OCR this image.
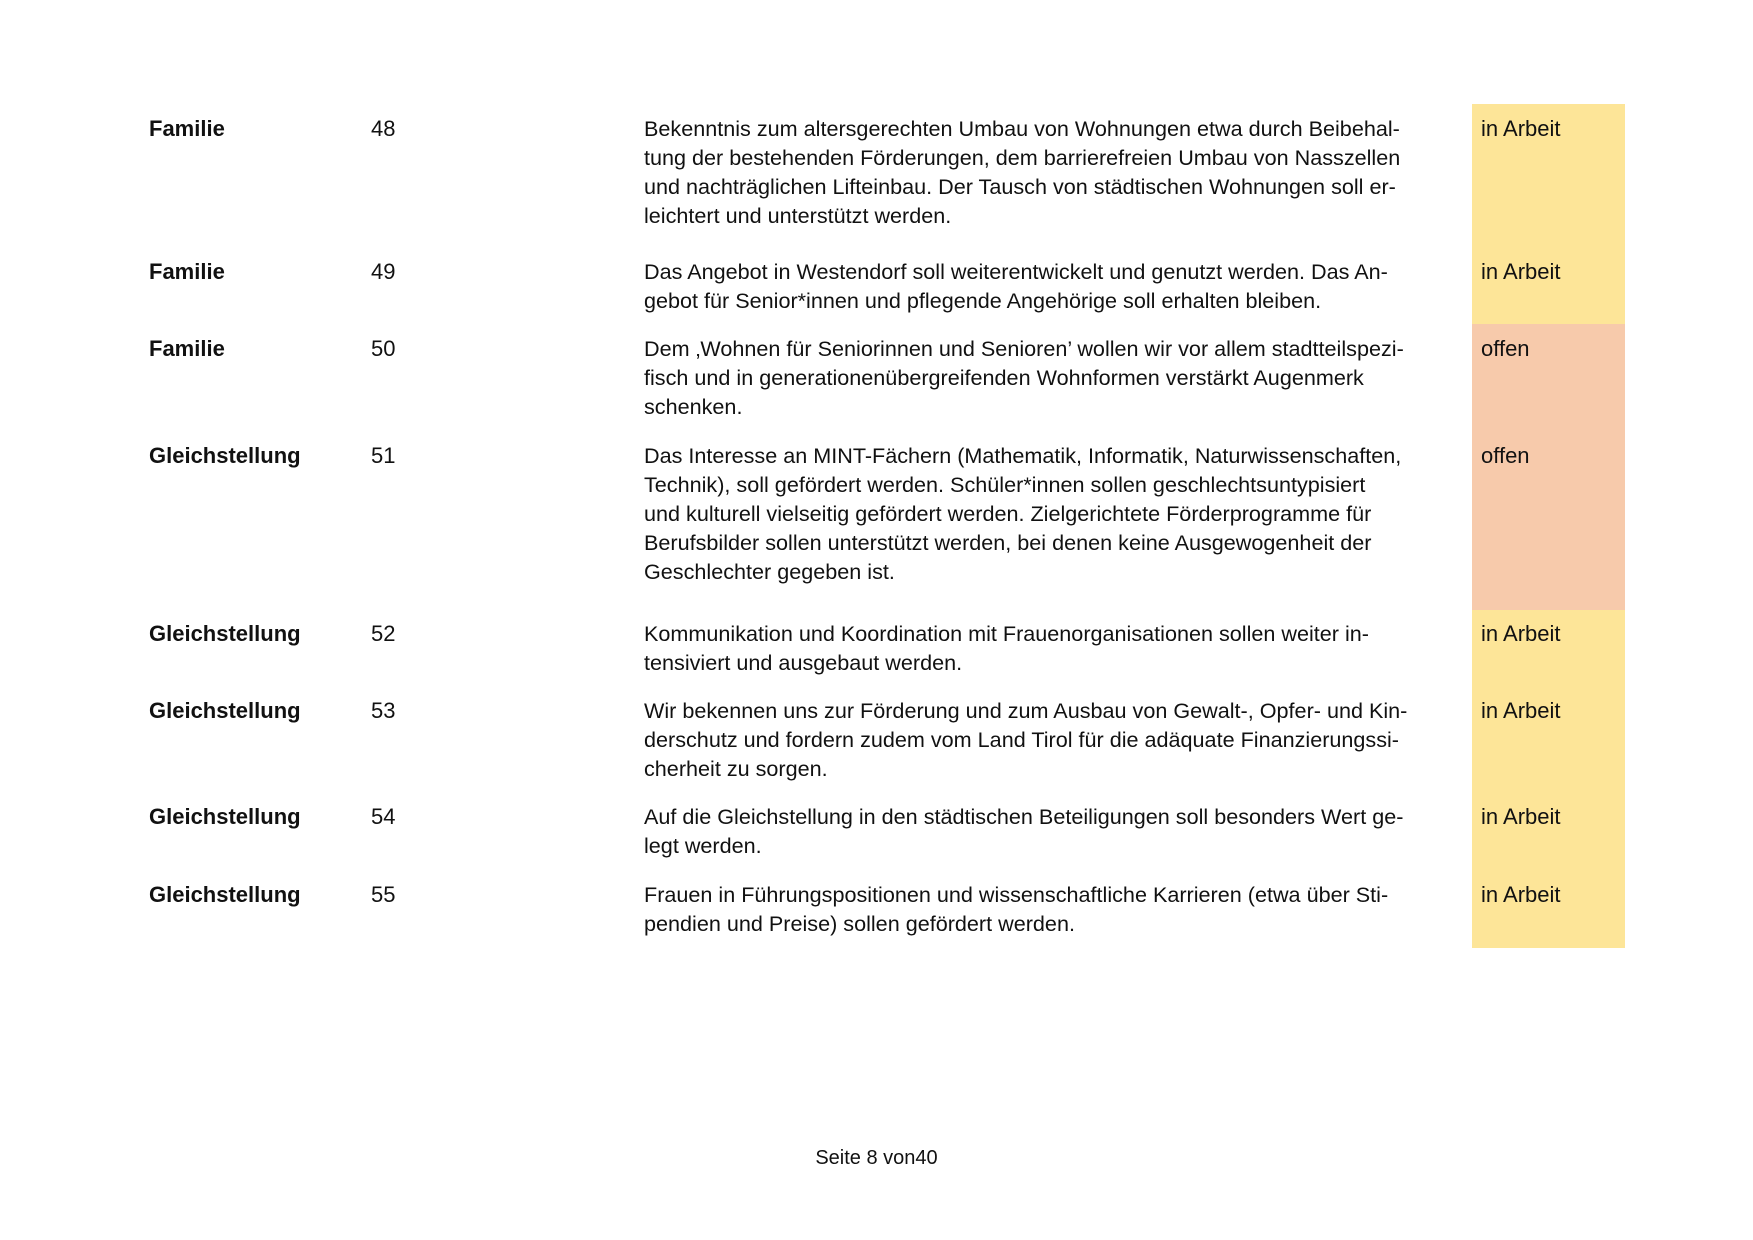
Familie	48	Bekenntnis zum altersgerechten Umbau von Wohnungen etwa durch Beibehal-
tung der bestehenden Förderungen, dem barrierefreien Umbau von Nasszellen
und nachträglichen Lifteinbau. Der Tausch von städtischen Wohnungen soll er-
leichtert und unterstützt werden.
in Arbeit
Familie	49	Das Angebot in Westendorf soll weiterentwickelt und genutzt werden. Das An-
gebot für Senior*innen und pflegende Angehörige soll erhalten bleiben.
in Arbeit
Familie	50	Dem ‚Wohnen für Seniorinnen und Senioren’ wollen wir vor allem stadtteilspezi-
fisch und in generationenübergreifenden Wohnformen verstärkt Augenmerk
schenken.
offen
Gleichstellung	51	Das Interesse an MINT-Fächern (Mathematik, Informatik, Naturwissenschaften,
Technik), soll gefördert werden. Schüler*innen sollen geschlechtsuntypisiert
und kulturell vielseitig gefördert werden. Zielgerichtete Förderprogramme für
Berufsbilder sollen unterstützt werden, bei denen keine Ausgewogenheit der
Geschlechter gegeben ist.
offen
Gleichstellung	52	Kommunikation und Koordination mit Frauenorganisationen sollen weiter in-
tensiviert und ausgebaut werden.
in Arbeit
Gleichstellung	53	Wir bekennen uns zur Förderung und zum Ausbau von Gewalt-, Opfer- und Kin-
derschutz und fordern zudem vom Land Tirol für die adäquate Finanzierungssi-
cherheit zu sorgen.
in Arbeit
Gleichstellung	54	Auf die Gleichstellung in den städtischen Beteiligungen soll besonders Wert ge-
legt werden.
in Arbeit
Gleichstellung	55	Frauen in Führungspositionen und wissenschaftliche Karrieren (etwa über Sti-
pendien und Preise) sollen gefördert werden.
in Arbeit
Seite 8 von40
